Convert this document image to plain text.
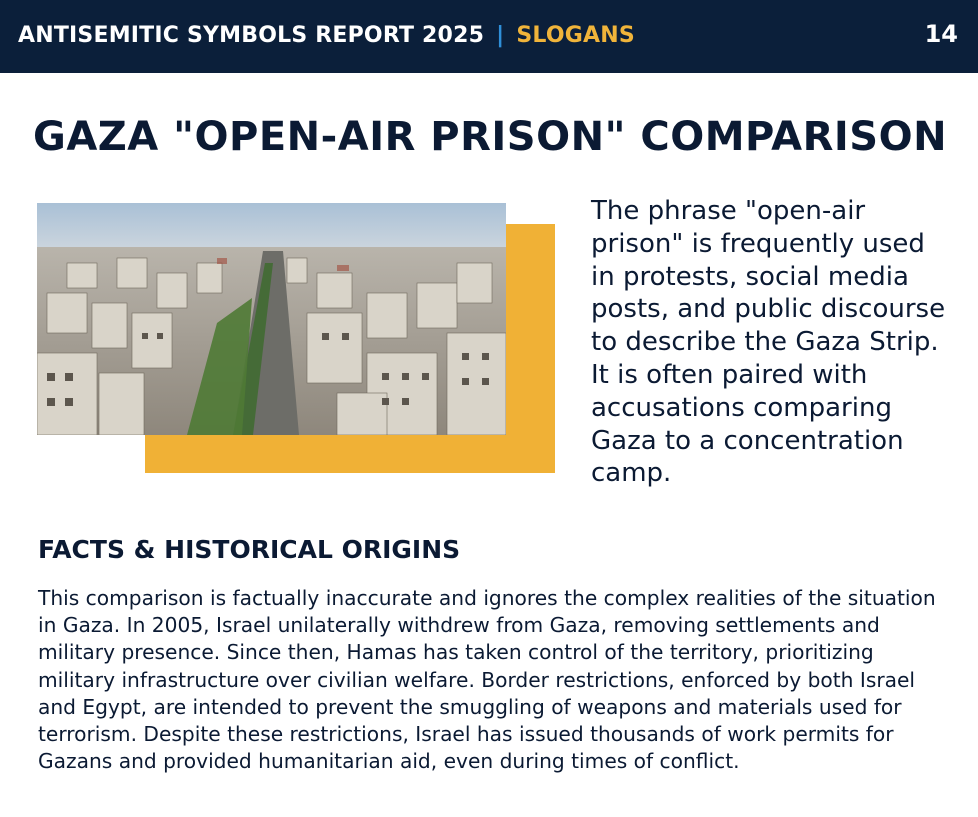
ANTISEMITIC SYMBOLS REPORT 2025 | SLOGANS	14
GAZA "OPEN-AIR PRISON" COMPARISON

The phrase "open-air prison" is frequently used in protests, social media posts, and public discourse to describe the Gaza Strip. It is often paired with accusations comparing Gaza to a concentration camp.

FACTS & HISTORICAL ORIGINS

This comparison is factually inaccurate and ignores the complex realities of the situation in Gaza. In 2005, Israel unilaterally withdrew from Gaza, removing settlements and military presence. Since then, Hamas has taken control of the territory, prioritizing military infrastructure over civilian welfare. Border restrictions, enforced by both Israel and Egypt, are intended to prevent the smuggling of weapons and materials used for terrorism. Despite these restrictions, Israel has issued thousands of work permits for Gazans and provided humanitarian aid, even during times of conflict.
